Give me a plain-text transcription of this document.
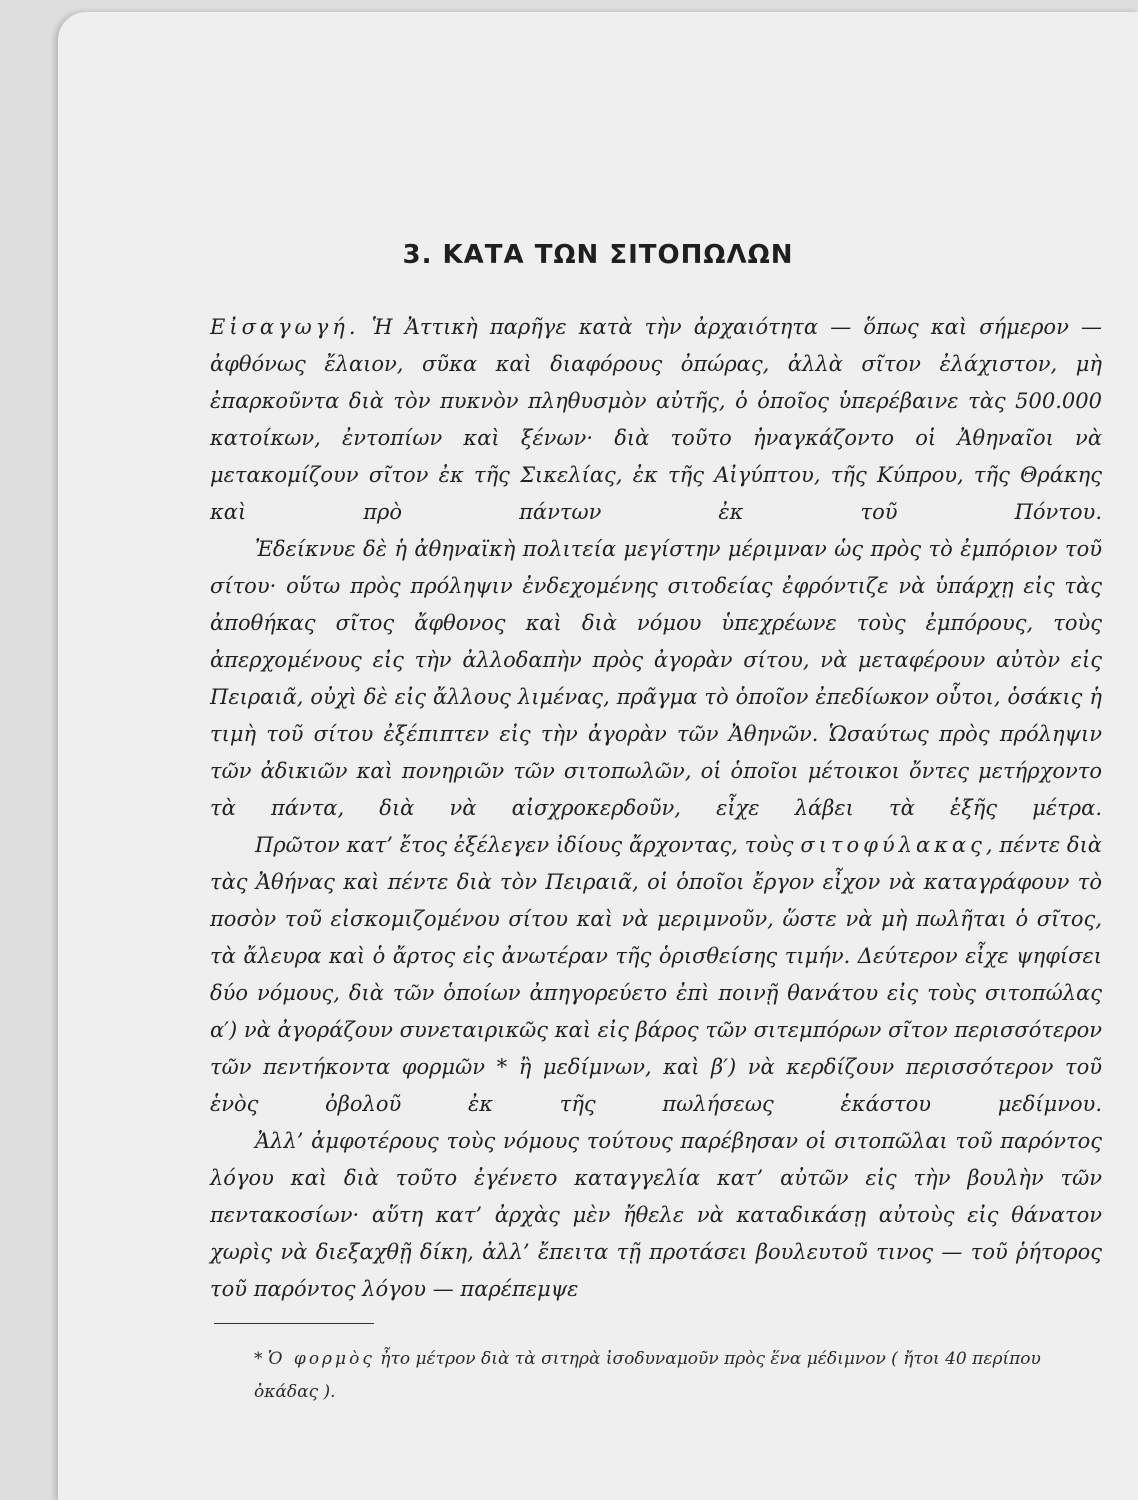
3. ΚΑΤΑ ΤΩΝ ΣΙΤΟΠΩΛΩΝ

Εἰσαγωγή. Ἡ Ἀττικὴ παρῆγε κατὰ τὴν ἀρχαιότητα — ὅπως καὶ σήμερον — ἀφθόνως ἔλαιον, σῦκα καὶ διαφόρους ὀπώρας, ἀλλὰ σῖτον ἐλάχιστον, μὴ ἐπαρκοῦντα διὰ τὸν πυκνὸν πληθυσμὸν αὐτῆς, ὁ ὁποῖος ὑπερέβαινε τὰς 500.000 κατοίκων, ἐντοπίων καὶ ξένων· διὰ τοῦτο ἠναγκάζοντο οἱ Ἀθηναῖοι νὰ μετακομίζουν σῖτον ἐκ τῆς Σικελίας, ἐκ τῆς Αἰγύπτου, τῆς Κύπρου, τῆς Θράκης καὶ πρὸ πάντων ἐκ τοῦ Πόντου.

Ἐδείκνυε δὲ ἡ ἀθηναϊκὴ πολιτεία μεγίστην μέριμναν ὡς πρὸς τὸ ἐμπόριον τοῦ σίτου· οὕτω πρὸς πρόληψιν ἐνδεχομένης σιτοδείας ἐφρόντιζε νὰ ὑπάρχῃ εἰς τὰς ἀποθήκας σῖτος ἄφθονος καὶ διὰ νόμου ὑπεχρέωνε τοὺς ἐμπόρους, τοὺς ἀπερχομένους εἰς τὴν ἀλλοδαπὴν πρὸς ἀγορὰν σίτου, νὰ μεταφέρουν αὐτὸν εἰς Πειραιᾶ, οὐχὶ δὲ εἰς ἄλλους λιμένας, πρᾶγμα τὸ ὁποῖον ἐπεδίωκον οὗτοι, ὁσάκις ἡ τιμὴ τοῦ σίτου ἐξέπιπτεν εἰς τὴν ἀγορὰν τῶν Ἀθηνῶν. Ὡσαύτως πρὸς πρόληψιν τῶν ἀδικιῶν καὶ πονηριῶν τῶν σιτοπωλῶν, οἱ ὁποῖοι μέτοικοι ὄντες μετήρχοντο τὰ πάντα, διὰ νὰ αἰσχροκερδοῦν, εἶχε λάβει τὰ ἑξῆς μέτρα.

Πρῶτον κατ’ ἔτος ἐξέλεγεν ἰδίους ἄρχοντας, τοὺς σιτοφύλακας, πέντε διὰ τὰς Ἀθήνας καὶ πέντε διὰ τὸν Πειραιᾶ, οἱ ὁποῖοι ἔργον εἶχον νὰ καταγράφουν τὸ ποσὸν τοῦ εἰσκομιζομένου σίτου καὶ νὰ μεριμνοῦν, ὥστε νὰ μὴ πωλῆται ὁ σῖτος, τὰ ἄλευρα καὶ ὁ ἄρτος εἰς ἀνωτέραν τῆς ὁρισθείσης τιμήν. Δεύτερον εἶχε ψηφίσει δύο νόμους, διὰ τῶν ὁποίων ἀπηγορεύετο ἐπὶ ποινῇ θανάτου εἰς τοὺς σιτοπώλας α′) νὰ ἀγοράζουν συνεταιρικῶς καὶ εἰς βάρος τῶν σιτεμπόρων σῖτον περισσότερον τῶν πεντήκοντα φορμῶν * ἢ μεδίμνων, καὶ β′) νὰ κερδίζουν περισσότερον τοῦ ἑνὸς ὀβολοῦ ἐκ τῆς πωλήσεως ἑκάστου μεδίμνου.

Ἀλλ’ ἀμφοτέρους τοὺς νόμους τούτους παρέβησαν οἱ σιτοπῶλαι τοῦ παρόντος λόγου καὶ διὰ τοῦτο ἐγένετο καταγγελία κατ’ αὐτῶν εἰς τὴν βουλὴν τῶν πεντακοσίων· αὕτη κατ’ ἀρχὰς μὲν ἤθελε νὰ καταδικάσῃ αὐτοὺς εἰς θάνατον χωρὶς νὰ διεξαχθῇ δίκη, ἀλλ’ ἔπειτα τῇ προτάσει βουλευτοῦ τινος — τοῦ ῥήτορος τοῦ παρόντος λόγου — παρέπεμψε

* Ὁ φορμὸς ἦτο μέτρον διὰ τὰ σιτηρὰ ἰσοδυναμοῦν πρὸς ἕνα μέδιμνον ( ἤτοι 40 περίπου ὀκάδας ).
